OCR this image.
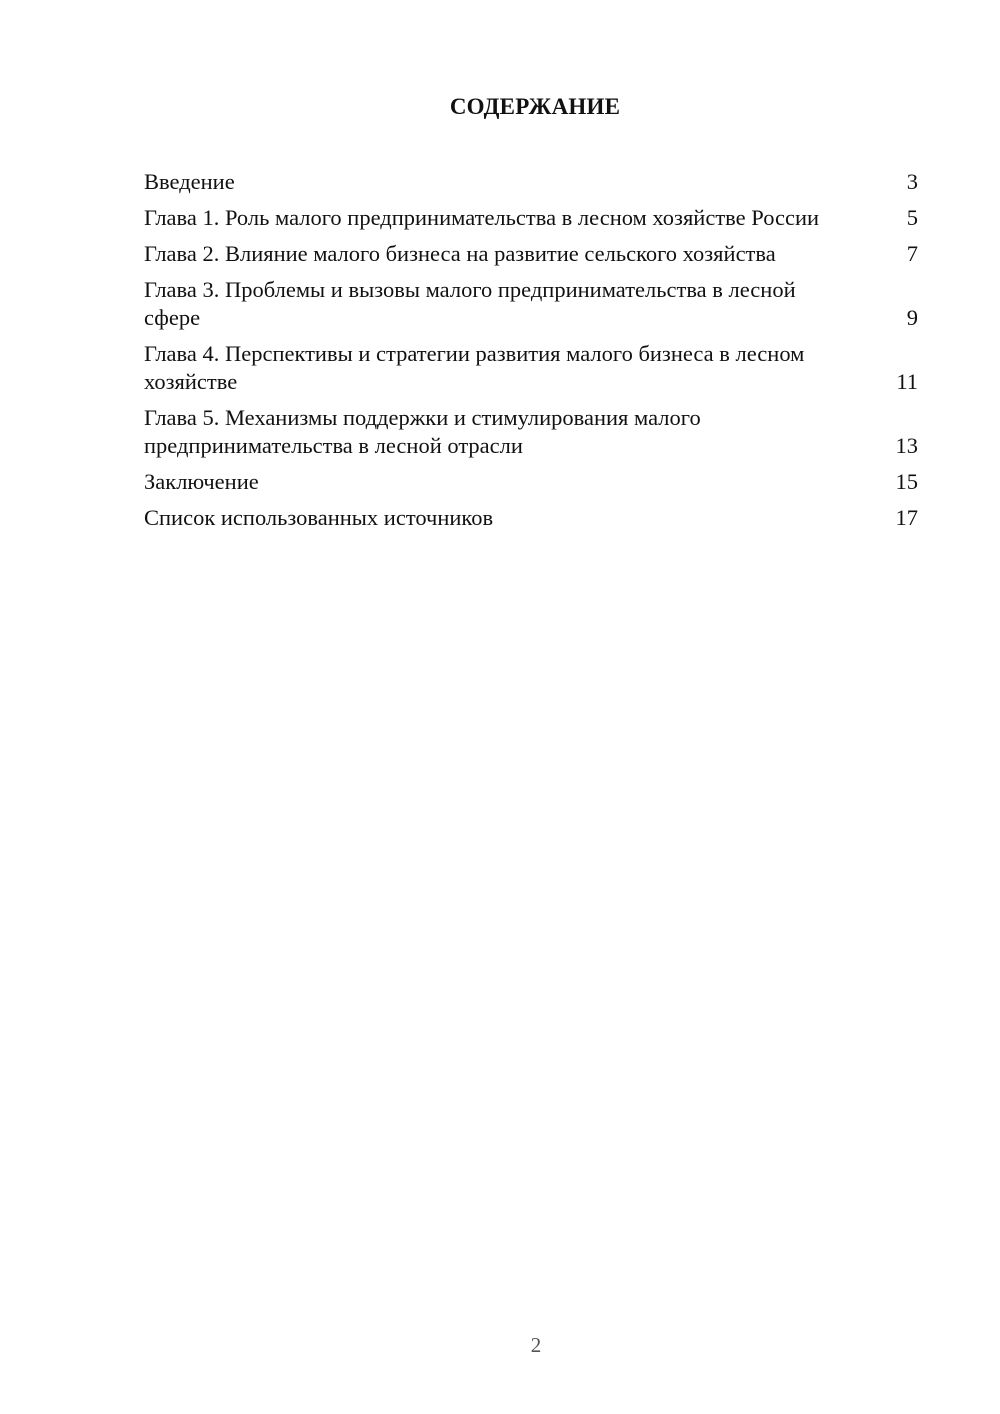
СОДЕРЖАНИЕ
Введение	3
Глава 1. Роль малого предпринимательства в лесном хозяйстве России	5
Глава 2. Влияние малого бизнеса на развитие сельского хозяйства	7
Глава 3. Проблемы и вызовы малого предпринимательства в лесной сфере	9
Глава 4. Перспективы и стратегии развития малого бизнеса в лесном хозяйстве	11
Глава 5. Механизмы поддержки и стимулирования малого предпринимательства в лесной отрасли	13
Заключение	15
Список использованных источников	17
2
